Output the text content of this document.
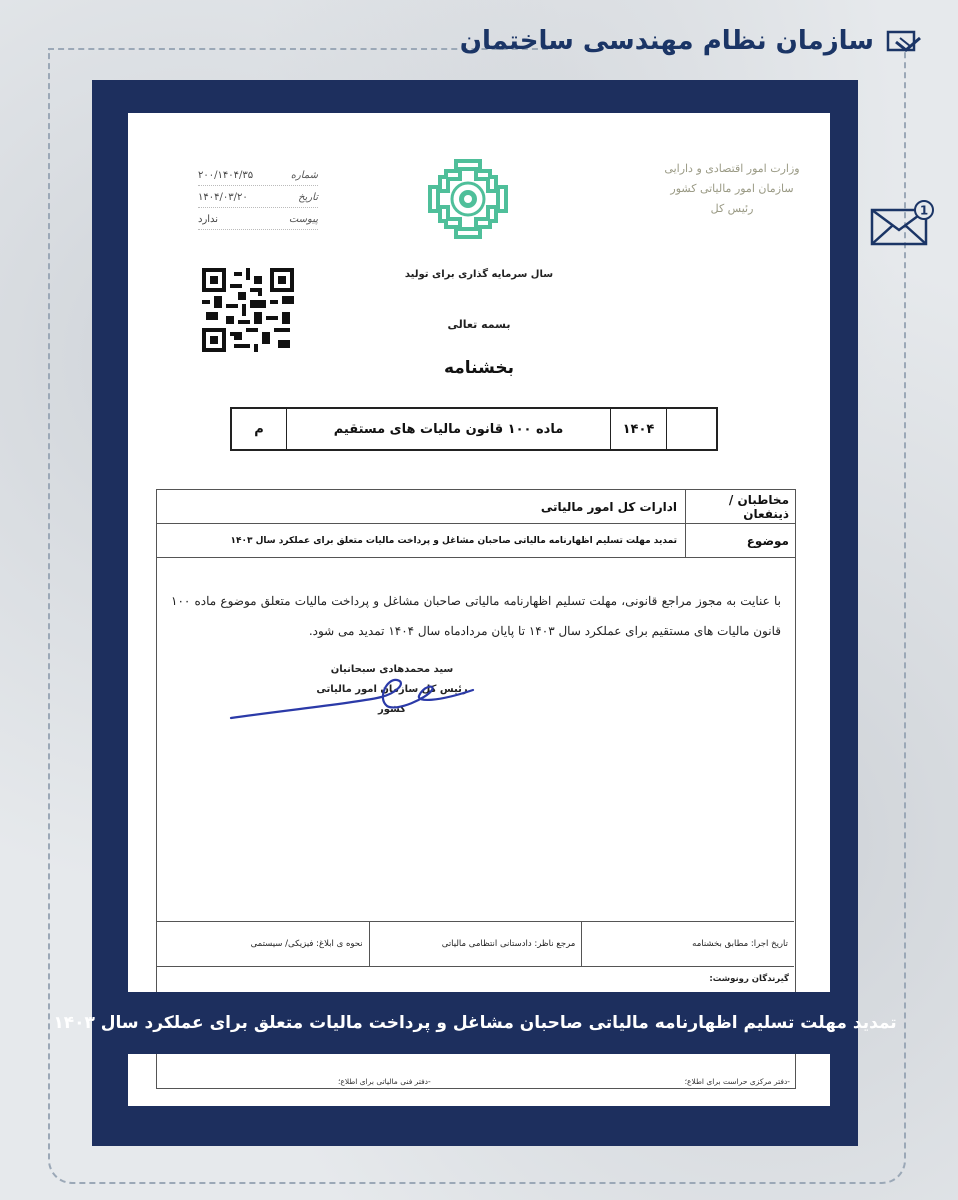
سازمان نظام مهندسی ساختمان
1
شماره
۲۰۰/۱۴۰۴/۳۵
تاریخ
۱۴۰۴/۰۳/۲۰
پیوست
ندارد
وزارت امور اقتصادی و دارایی
سازمان امور مالیاتی کشور
رئیس کل
سال سرمایه گذاری برای تولید
بسمه تعالی
بخشنامه
۱۴۰۴
ماده ۱۰۰ قانون مالیات های مستقیم
م
مخاطبان / ذینفعان
ادارات کل امور مالیاتی
موضوع
تمدید مهلت تسلیم اظهارنامه مالیاتی صاحبان مشاغل و پرداخت مالیات متعلق برای عملکرد سال ۱۴۰۳
با عنایت به مجوز مراجع قانونی، مهلت تسلیم اظهارنامه مالیاتی صاحبان مشاغل و پرداخت مالیات متعلق موضوع ماده ۱۰۰ قانون مالیات های مستقیم برای عملکرد سال ۱۴۰۳ تا پایان مردادماه سال ۱۴۰۴ تمدید می شود.
سید محمدهادی سبحانیان
رئیس کل سازمان امور مالیاتی کشور
تاریخ اجرا: مطابق بخشنامه
مرجع ناظر: دادستانی انتظامی مالیاتی
نحوه ی ابلاغ: فیزیکی/ سیستمی
گیرندگان رونوشت:
-دفتر مرکزی حراست برای اطلاع؛
-دفتر فنی مالیاتی برای اطلاع؛
تمدید مهلت تسلیم اظهارنامه مالیاتی صاحبان مشاغل و پرداخت مالیات متعلق برای عملکرد سال ۱۴۰۳
